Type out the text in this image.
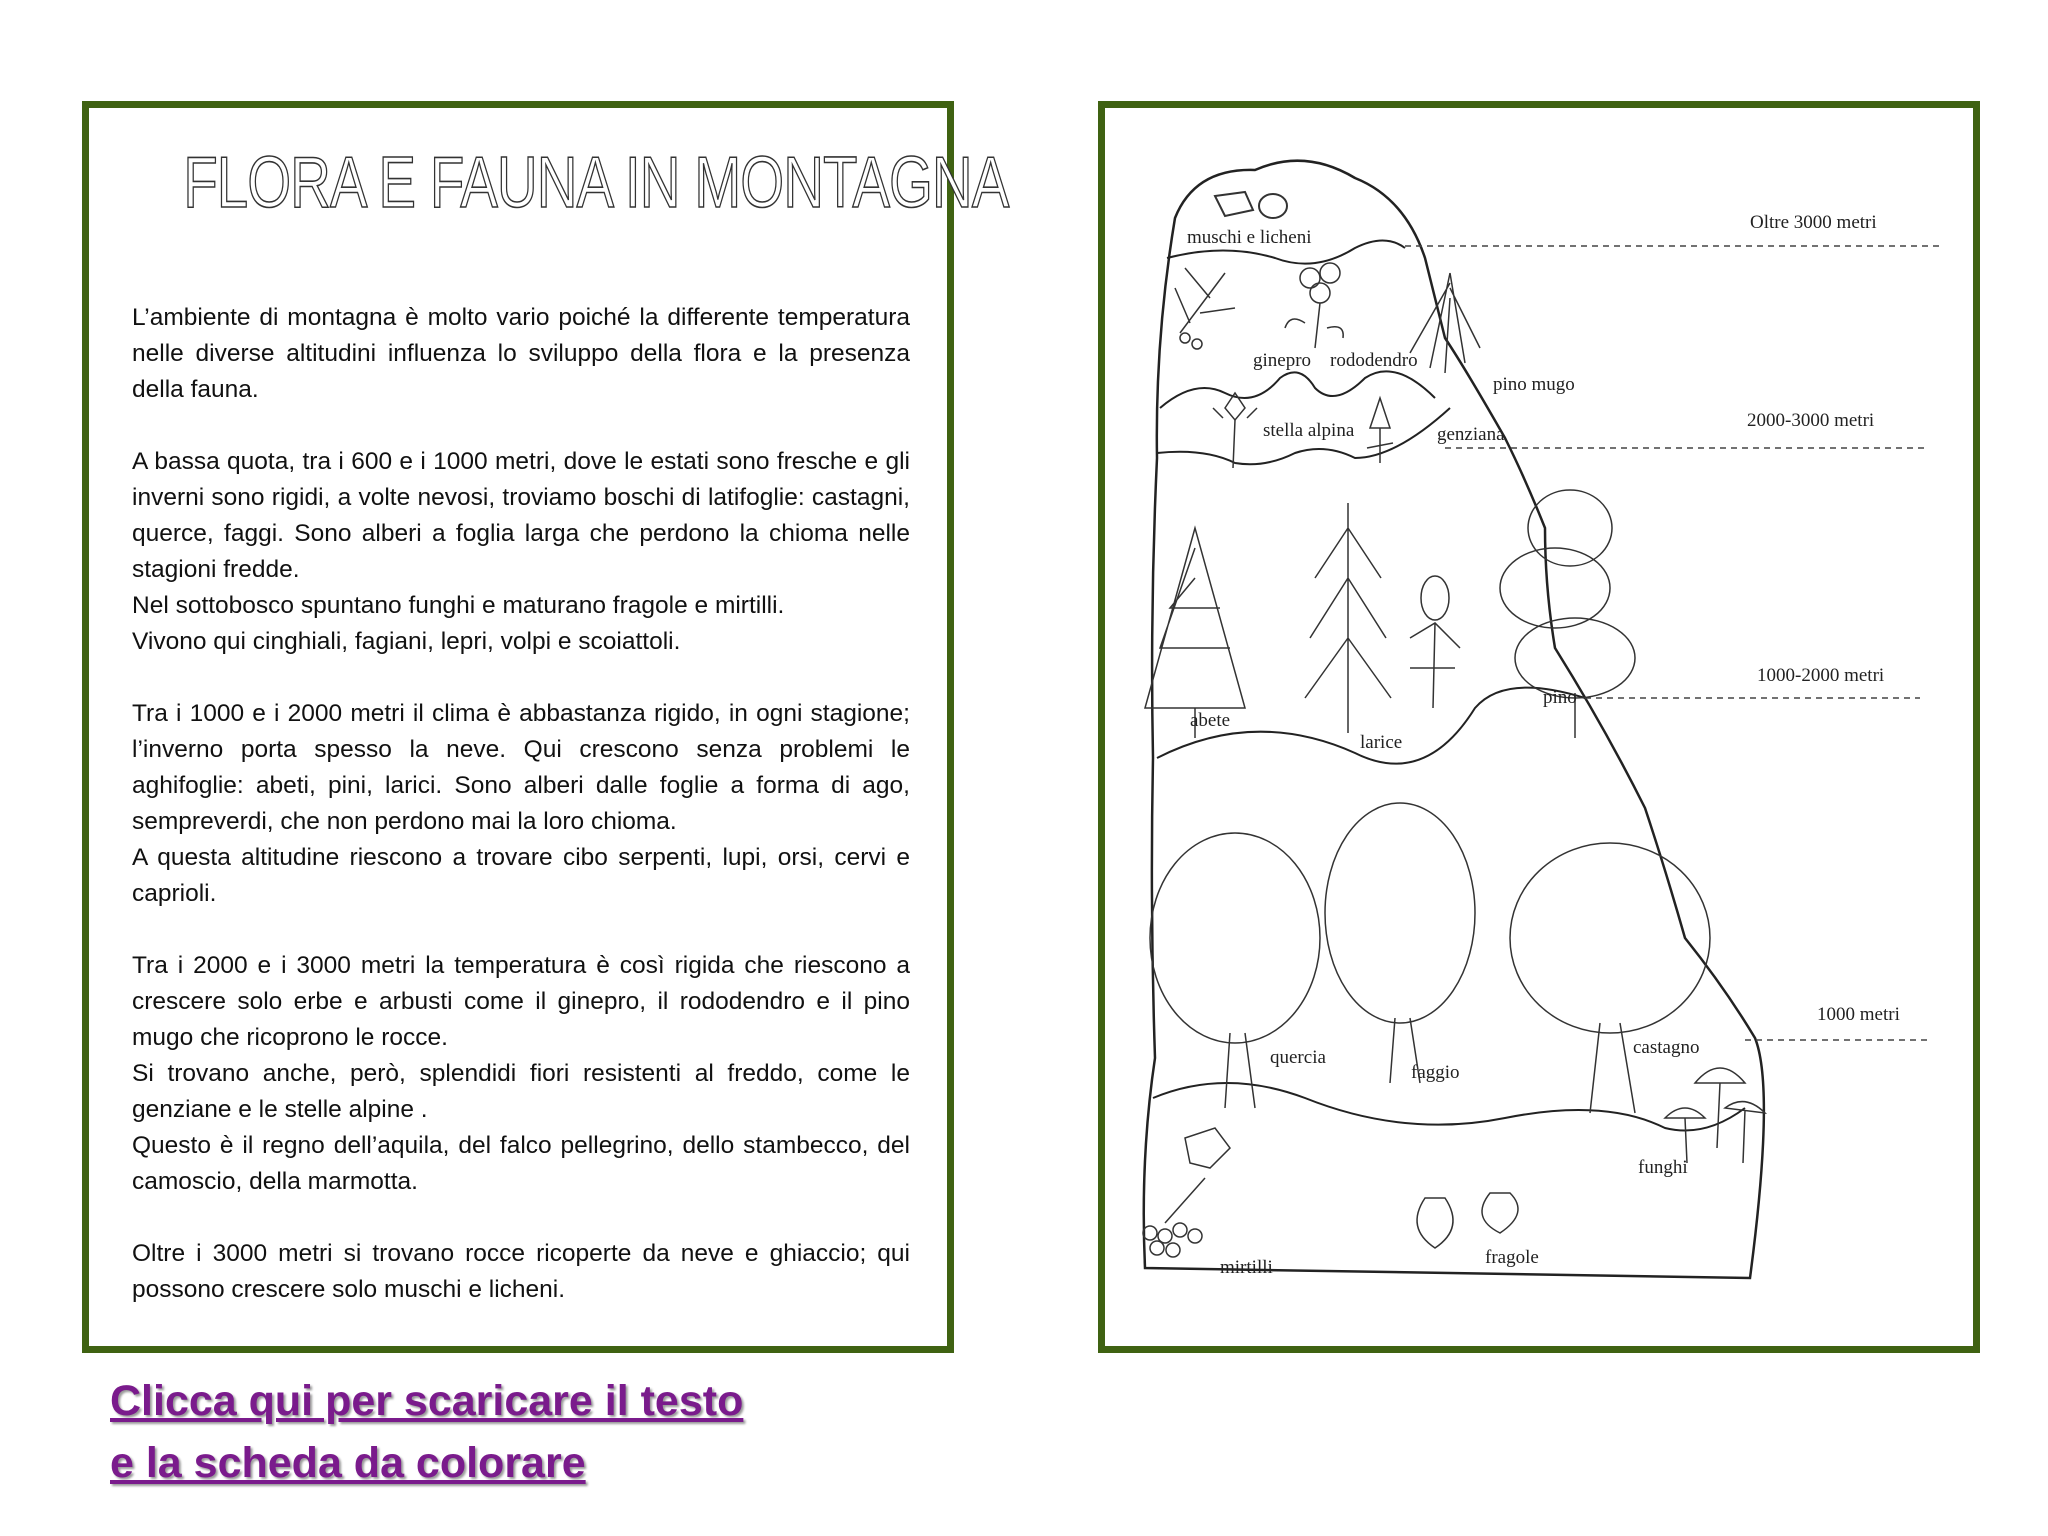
FLORA E FAUNA IN MONTAGNA

L’ambiente di montagna è molto vario poiché la differente temperatura nelle diverse altitudini influenza lo sviluppo della flora e la presenza della fauna.

A bassa quota, tra i 600 e i 1000 metri, dove le estati sono fresche e gli inverni sono rigidi, a volte nevosi, troviamo boschi di latifoglie: castagni, querce, faggi. Sono alberi a foglia larga che perdono la chioma nelle stagioni fredde.
Nel sottobosco spuntano funghi e maturano fragole e mirtilli.
Vivono qui cinghiali, fagiani, lepri, volpi e scoiattoli.

Tra i 1000 e i 2000 metri il clima è abbastanza rigido, in ogni stagione; l’inverno porta spesso la neve. Qui crescono senza problemi le aghifoglie: abeti, pini, larici. Sono alberi dalle foglie a forma di ago, sempreverdi, che non perdono mai la loro chioma.
A questa altitudine riescono a trovare cibo serpenti, lupi, orsi, cervi e caprioli.

Tra i 2000 e i 3000 metri la temperatura è così rigida che riescono a crescere solo erbe e arbusti come il ginepro, il rododendro e il pino mugo che ricoprono le rocce.
Si trovano anche, però, splendidi fiori resistenti al freddo, come le genziane e le stelle alpine .
Questo è il regno dell’aquila, del falco pellegrino, dello stambecco, del camoscio, della marmotta.

Oltre i 3000 metri si trovano rocce ricoperte da neve e ghiaccio; qui possono crescere solo muschi e licheni.

Oltre 3000 metri
2000-3000 metri
1000-2000 metri
1000 metri
muschi e licheni
ginepro rododendro
pino mugo
stella alpina	genziana
abete
larice
pino
quercia
faggio
castagno
funghi
mirtilli	fragole
Clicca qui per scaricare il testo
e la scheda da colorare
